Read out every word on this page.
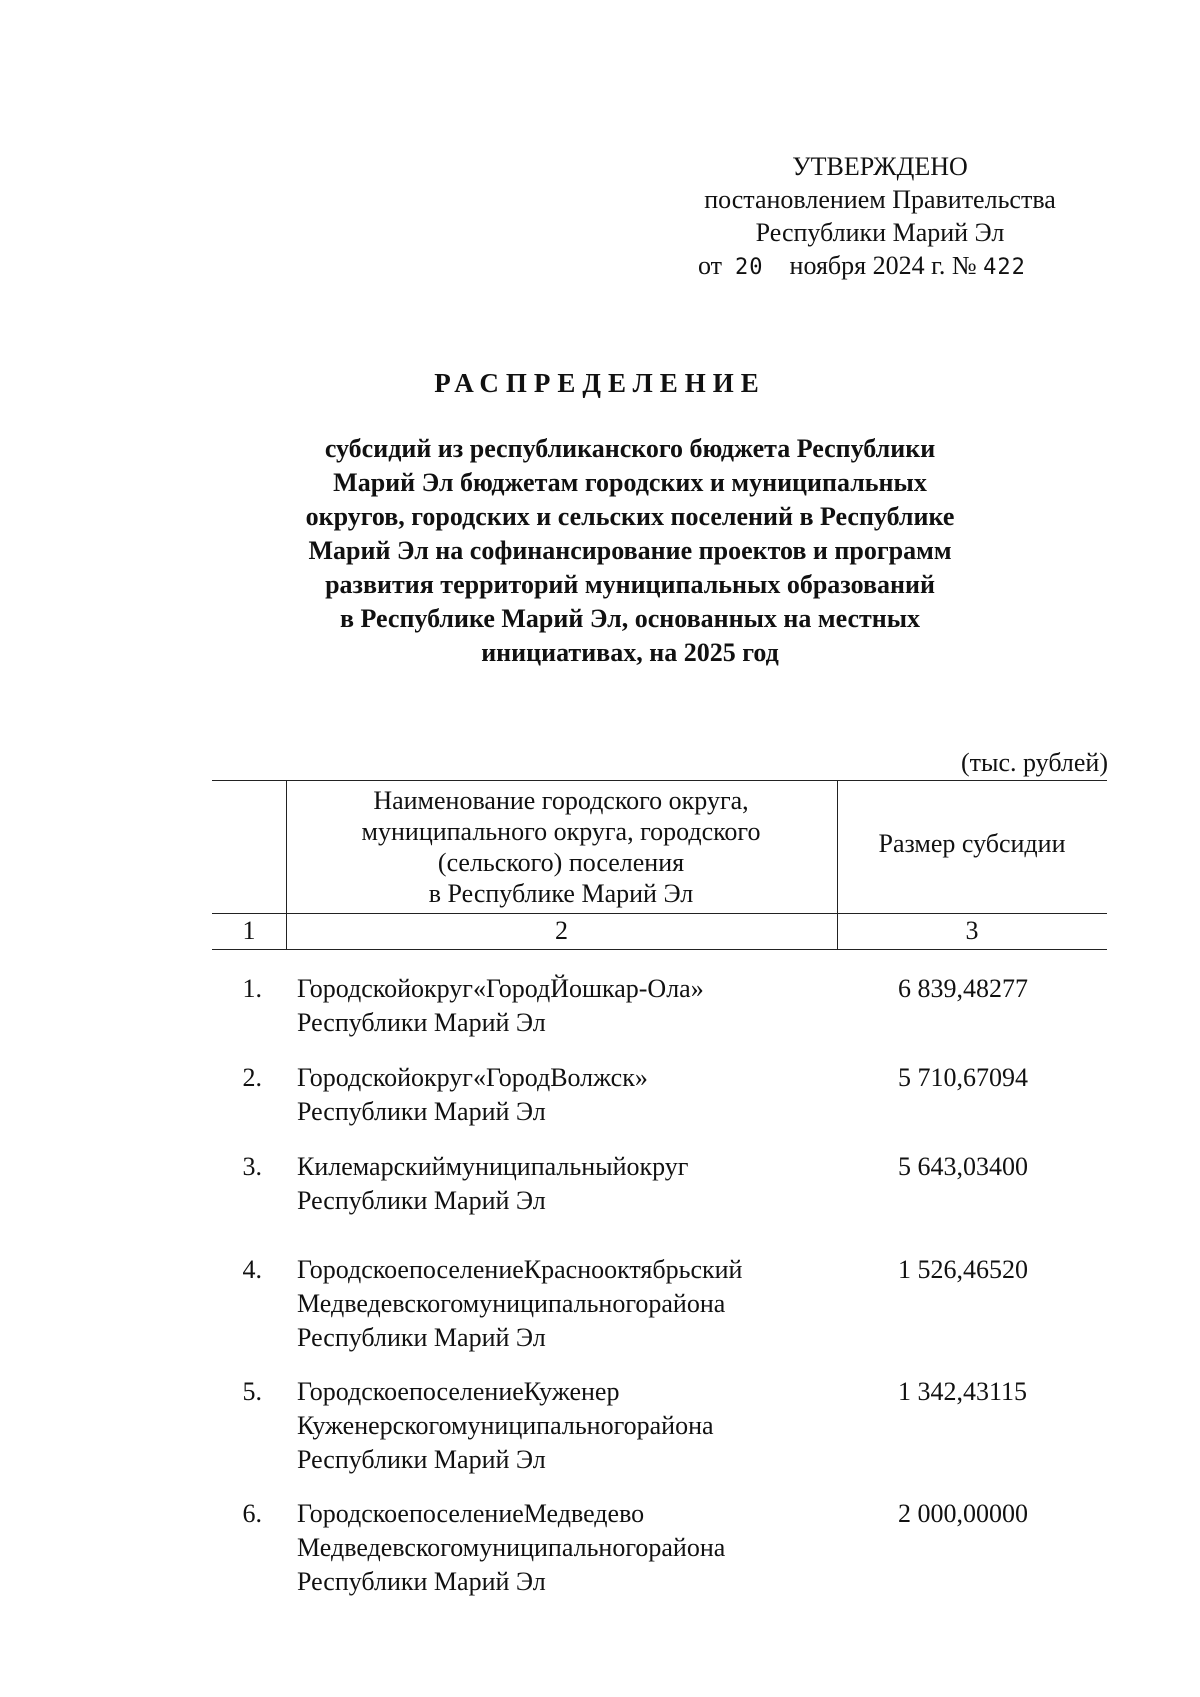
УТВЕРЖДЕНО
постановлением Правительства
Республики Марий Эл
от 20 ноября 2024 г. № 422
РАСПРЕДЕЛЕНИЕ
субсидий из республиканского бюджета Республики
Марий Эл бюджетам городских и муниципальных
округов, городских и сельских поселений в Республике
Марий Эл на софинансирование проектов и программ
развития территорий муниципальных образований
в Республике Марий Эл, основанных на местных
инициативах, на 2025 год
(тыс. рублей)
Наименование городского округа,
муниципального округа, городского
(сельского) поселения
в Республике Марий Эл
Размер субсидии
1	2	3
1. Городскойокруг«ГородЙошкар-Ола»
Республики Марий Эл
6 839,48277
2. Городскойокруг«ГородВолжск»
Республики Марий Эл
5 710,67094
3. Килемарскиймуниципальныйокруг
Республики Марий Эл
5 643,03400
4. ГородскоепоселениеКраснооктябрьский
Медведевскогомуниципальногорайона
Республики Марий Эл
1 526,46520
5. ГородскоепоселениеКуженер
Куженерскогомуниципальногорайона
Республики Марий Эл
1 342,43115
6. ГородскоепоселениеМедведево
Медведевскогомуниципальногорайона
Республики Марий Эл
2 000,00000
